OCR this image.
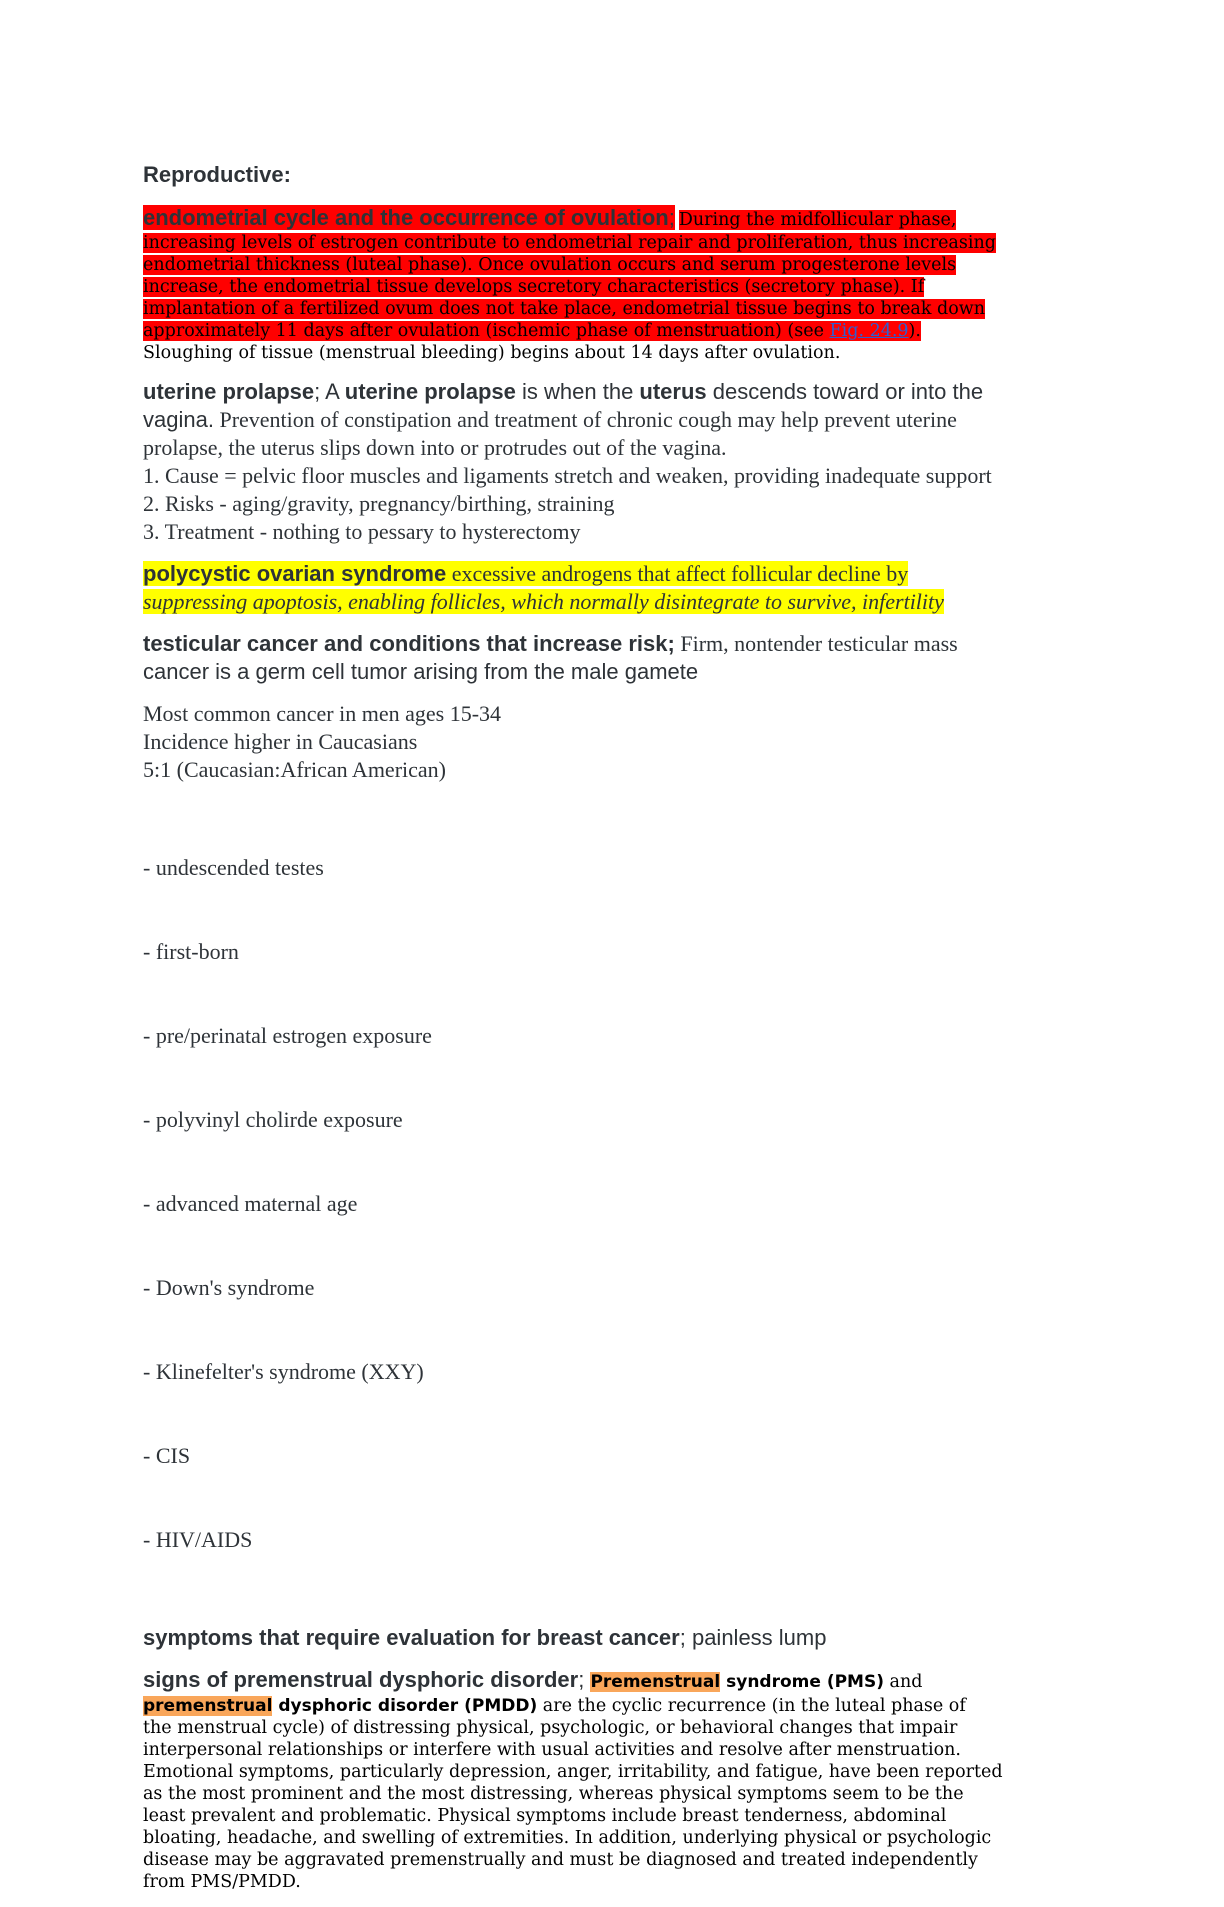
Reproductive:
endometrial cycle and the occurrence of ovulation; During the midfollicular phase,
increasing levels of estrogen contribute to endometrial repair and proliferation, thus increasing
endometrial thickness (luteal phase). Once ovulation occurs and serum progesterone levels
increase, the endometrial tissue develops secretory characteristics (secretory phase). If
implantation of a fertilized ovum does not take place, endometrial tissue begins to break down
approximately 11 days after ovulation (ischemic phase of menstruation) (see Fig. 24.9).
Sloughing of tissue (menstrual bleeding) begins about 14 days after ovulation.
uterine prolapse; A uterine prolapse is when the uterus descends toward or into the
vagina. Prevention of constipation and treatment of chronic cough may help prevent uterine
prolapse, the uterus slips down into or protrudes out of the vagina.
1. Cause = pelvic floor muscles and ligaments stretch and weaken, providing inadequate support
2. Risks - aging/gravity, pregnancy/birthing, straining
3. Treatment - nothing to pessary to hysterectomy
polycystic ovarian syndrome excessive androgens that affect follicular decline by
suppressing apoptosis, enabling follicles, which normally disintegrate to survive, infertility
testicular cancer and conditions that increase risk; Firm, nontender testicular mass
cancer is a germ cell tumor arising from the male gamete
Most common cancer in men ages 15-34
Incidence higher in Caucasians
5:1 (Caucasian:African American)

- undescended testes

- first-born

- pre/perinatal estrogen exposure

- polyvinyl cholirde exposure

- advanced maternal age

- Down's syndrome

- Klinefelter's syndrome (XXY)

- CIS

- HIV/AIDS

symptoms that require evaluation for breast cancer; painless lump
signs of premenstrual dysphoric disorder; Premenstrual syndrome (PMS) and
premenstrual dysphoric disorder (PMDD) are the cyclic recurrence (in the luteal phase of
the menstrual cycle) of distressing physical, psychologic, or behavioral changes that impair
interpersonal relationships or interfere with usual activities and resolve after menstruation.
Emotional symptoms, particularly depression, anger, irritability, and fatigue, have been reported
as the most prominent and the most distressing, whereas physical symptoms seem to be the
least prevalent and problematic. Physical symptoms include breast tenderness, abdominal
bloating, headache, and swelling of extremities. In addition, underlying physical or psychologic
disease may be aggravated premenstrually and must be diagnosed and treated independently
from PMS/PMDD.
